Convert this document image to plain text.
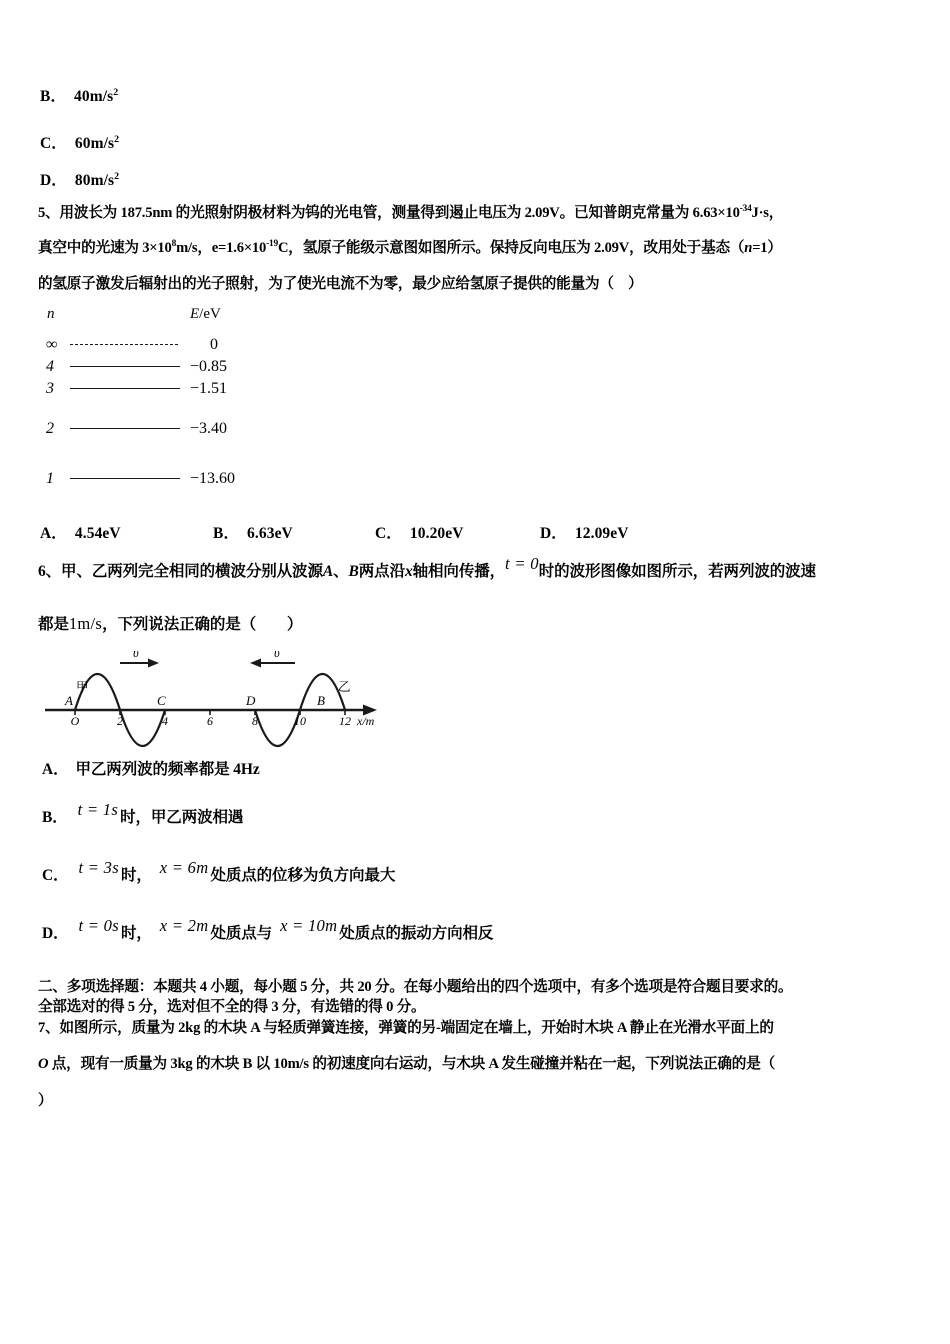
B． $40m/s^2$
C． $60m/s^2$
D． $80m/s^2$
5、用波长为 187.5nm 的光照射阴极材料为钨的光电管，测量得到遏止电压为 2.09V。已知普朗克常量为 $6.63\times 10^{-34}J\cdot s$，
真空中的光速为 $3\times 10^8m/s$，$e=1.6\times 10^{-19}C$，氢原子能级示意图如图所示。保持反向电压为 2.09V，改用处于基态（n=1）
的氢原子激发后辐射出的光子照射，为了使光电流不为零，最少应给氢原子提供的能量为（　）
n	E/eV
∞	0
4	−0.85
3	−1.51
2	−3.40
1	−13.60
A． 4.54eV	B． 6.63eV	C． 10.20eV	D． 12.09eV
6、甲、乙两列完全相同的横波分别从波源A、B两点沿x轴相向传播，t = 0时的波形图像如图所示，若两列波的波速
都是1m/s，下列说法正确的是（　　）
υ	υ
甲	乙
A	C	D	B
O	2	4	6	8	10	12 x/m
A． 甲乙两列波的频率都是 4Hz
B． t = 1s 时，甲乙两波相遇
C． t = 3s 时， x = 6m 处质点的位移为负方向最大
D． t = 0s 时， x = 2m 处质点与 x = 10m 处质点的振动方向相反
二、多项选择题：本题共 4 小题，每小题 5 分，共 20 分。在每小题给出的四个选项中，有多个选项是符合题目要求的。
全部选对的得 5 分，选对但不全的得 3 分，有选错的得 0 分。
7、如图所示，质量为 2kg 的木块 A 与轻质弹簧连接，弹簧的另-端固定在墙上，开始时木块 A 静止在光滑水平面上的
O 点，现有一质量为 3kg 的木块 B 以 10m/s 的初速度向右运动，与木块 A 发生碰撞并粘在一起，下列说法正确的是（
）
